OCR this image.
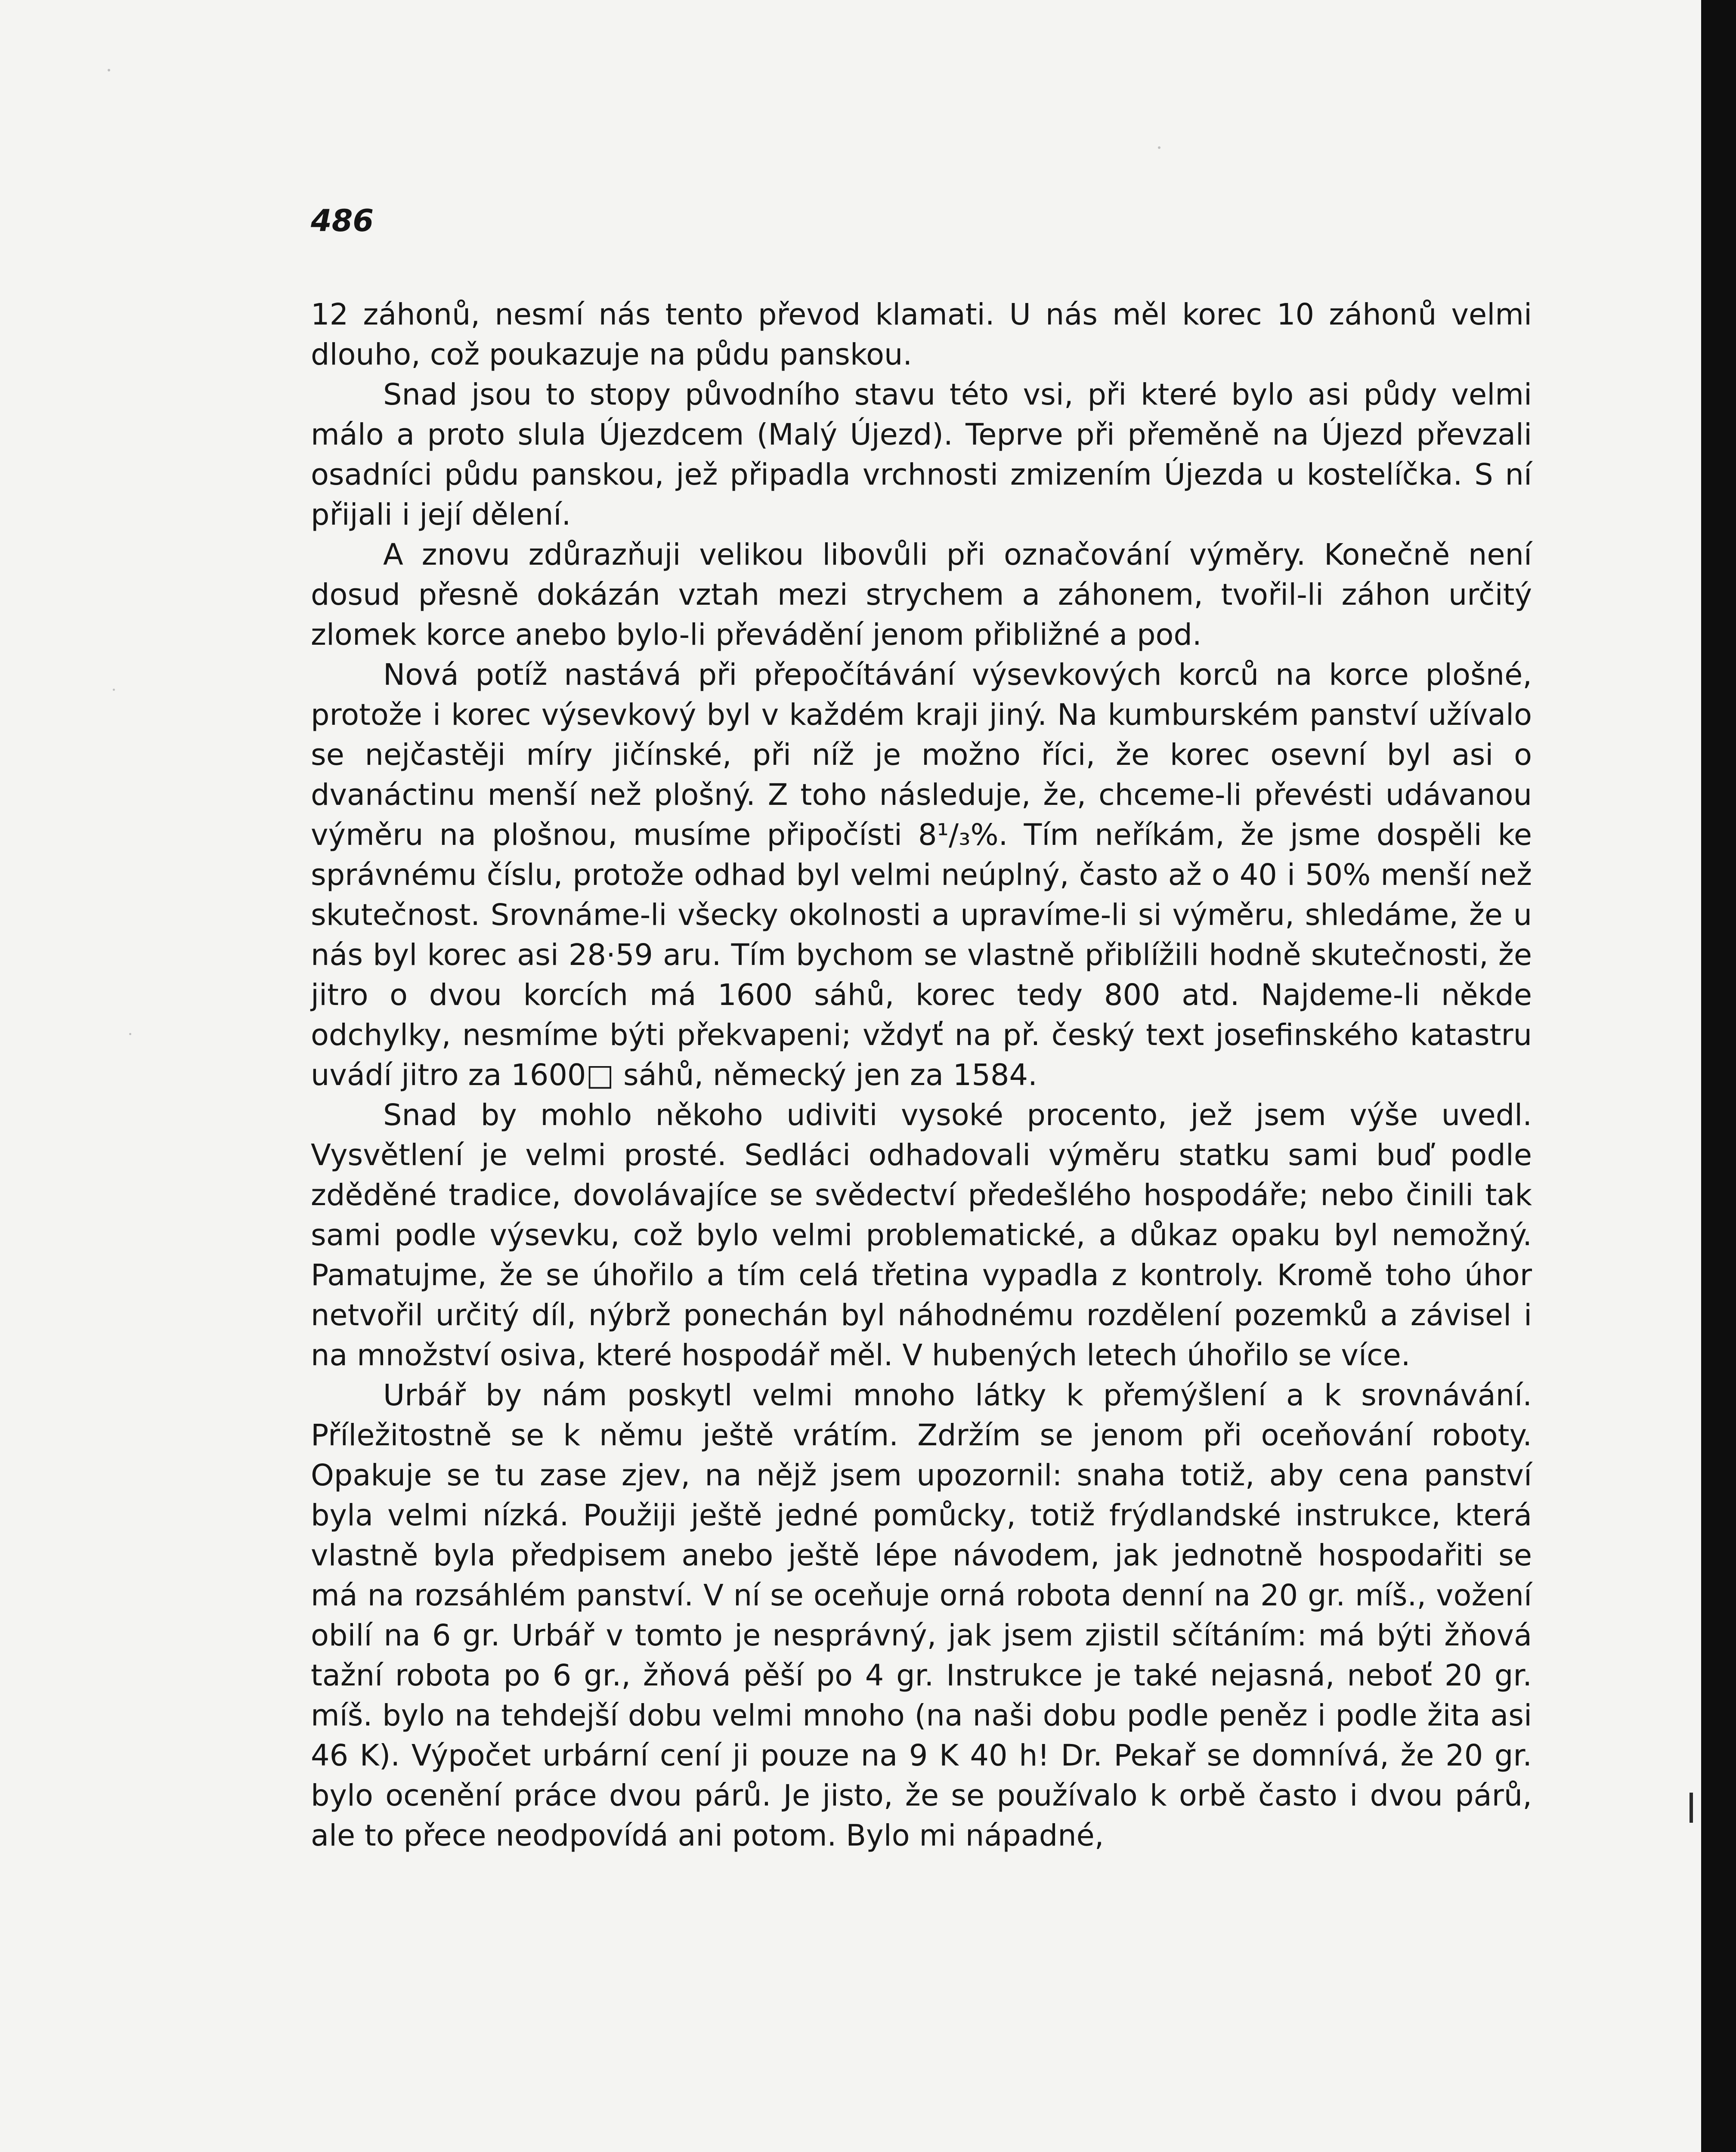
486

12 záhonů, nesmí nás tento převod klamati. U nás měl korec 10 záhonů velmi dlouho, což poukazuje na půdu panskou.

Snad jsou to stopy původního stavu této vsi, při které bylo asi půdy velmi málo a proto slula Újezdcem (Malý Újezd). Teprve při přeměně na Újezd převzali osadníci půdu panskou, jež připadla vrchnosti zmizením Újezda u kostelíčka. S ní přijali i její dělení.

A znovu zdůrazňuji velikou libovůli při označování výměry. Konečně není dosud přesně dokázán vztah mezi strychem a záhonem, tvořil-li záhon určitý zlomek korce anebo bylo-li převádění jenom přibližné a pod.

Nová potíž nastává při přepočítávání výsevkových korců na korce plošné, protože i korec výsevkový byl v každém kraji jiný. Na kumburském panství užívalo se nejčastěji míry jičínské, při níž je možno říci, že korec osevní byl asi o dvanáctinu menší než plošný. Z toho následuje, že, chceme-li převésti udávanou výměru na plošnou, musíme připočísti 8¹/₃%. Tím neříkám, že jsme dospěli ke správnému číslu, protože odhad byl velmi neúplný, často až o 40 i 50% menší než skutečnost. Srovnáme-li všecky okolnosti a upravíme-li si výměru, shledáme, že u nás byl korec asi 28·59 aru. Tím bychom se vlastně přiblížili hodně skutečnosti, že jitro o dvou korcích má 1600 sáhů, korec tedy 800 atd. Najdeme-li někde odchylky, nesmíme býti překvapeni; vždyť na př. český text josefinského katastru uvádí jitro za 1600□ sáhů, německý jen za 1584.

Snad by mohlo někoho udiviti vysoké procento, jež jsem výše uvedl. Vysvětlení je velmi prosté. Sedláci odhadovali výměru statku sami buď podle zděděné tradice, dovolávajíce se svědectví předešlého hospodáře; nebo činili tak sami podle výsevku, což bylo velmi problematické, a důkaz opaku byl nemožný. Pamatujme, že se úhořilo a tím celá třetina vypadla z kontroly. Kromě toho úhor netvořil určitý díl, nýbrž ponechán byl náhodnému rozdělení pozemků a závisel i na množství osiva, které hospodář měl. V hubených letech úhořilo se více.

Urbář by nám poskytl velmi mnoho látky k přemýšlení a k srovnávání. Příležitostně se k němu ještě vrátím. Zdržím se jenom při oceňování roboty. Opakuje se tu zase zjev, na nějž jsem upozornil: snaha totiž, aby cena panství byla velmi nízká. Použiji ještě jedné pomůcky, totiž frýdlandské instrukce, která vlastně byla předpisem anebo ještě lépe návodem, jak jednotně hospodařiti se má na rozsáhlém panství. V ní se oceňuje orná robota denní na 20 gr. míš., vožení obilí na 6 gr. Urbář v tomto je nesprávný, jak jsem zjistil sčítáním: má býti žňová tažní robota po 6 gr., žňová pěší po 4 gr. Instrukce je také nejasná, neboť 20 gr. míš. bylo na tehdejší dobu velmi mnoho (na naši dobu podle peněz i podle žita asi 46 K). Výpočet urbární cení ji pouze na 9 K 40 h! Dr. Pekař se domnívá, že 20 gr. bylo ocenění práce dvou párů. Je jisto, že se používalo k orbě často i dvou párů, ale to přece neodpovídá ani potom. Bylo mi nápadné,
